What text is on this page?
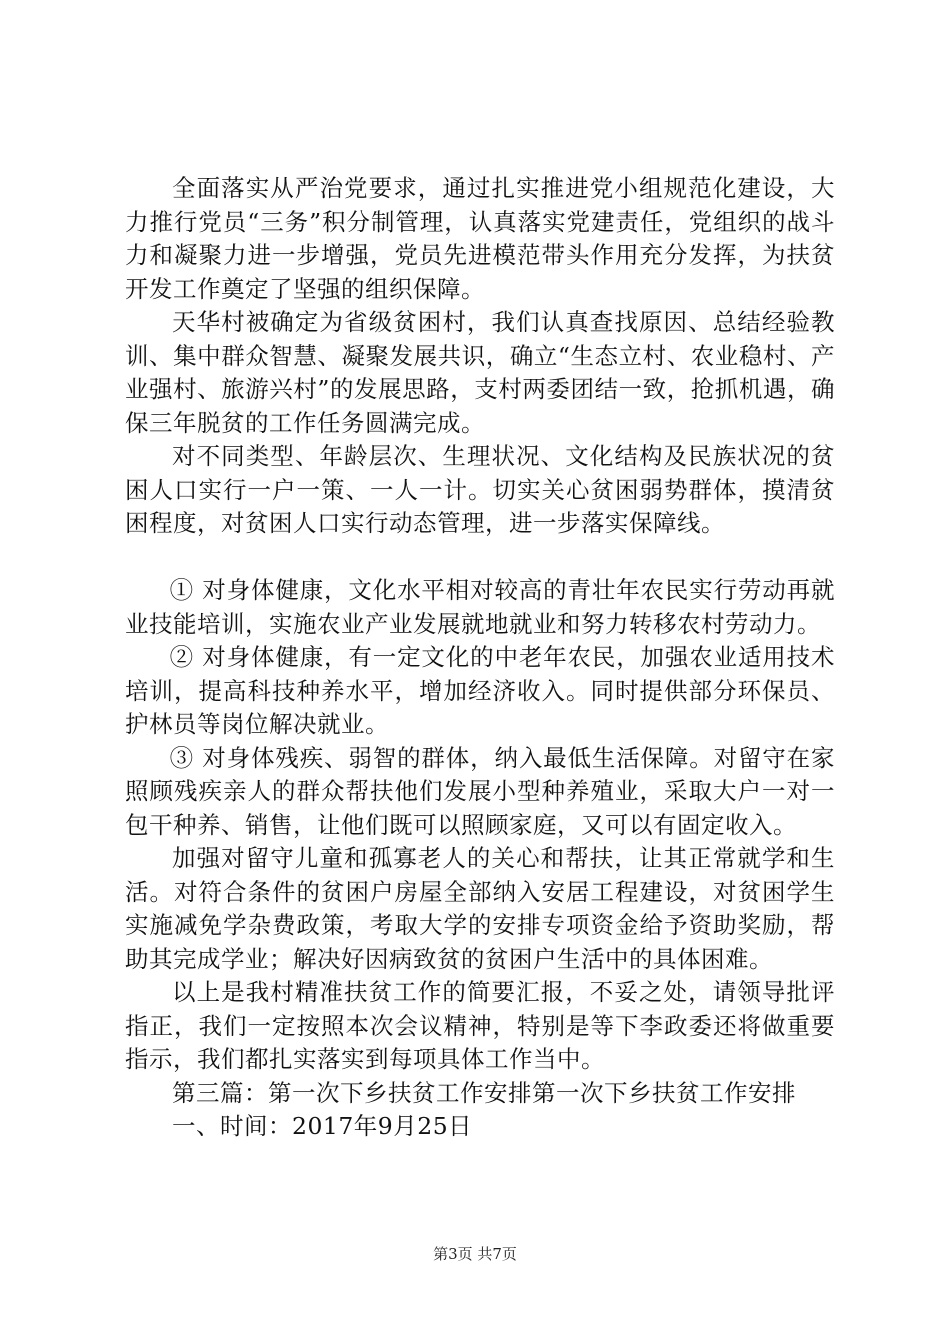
全面落实从严治党要求，通过扎实推进党小组规范化建设，大力推行党员“三务”积分制管理，认真落实党建责任，党组织的战斗力和凝聚力进一步增强，党员先进模范带头作用充分发挥，为扶贫开发工作奠定了坚强的组织保障。

天华村被确定为省级贫困村，我们认真查找原因、总结经验教训、集中群众智慧、凝聚发展共识，确立“生态立村、农业稳村、产业强村、旅游兴村”的发展思路，支村两委团结一致，抢抓机遇，确保三年脱贫的工作任务圆满完成。

对不同类型、年龄层次、生理状况、文化结构及民族状况的贫困人口实行一户一策、一人一计。切实关心贫困弱势群体，摸清贫困程度，对贫困人口实行动态管理，进一步落实保障线。

① 对身体健康，文化水平相对较高的青壮年农民实行劳动再就业技能培训，实施农业产业发展就地就业和努力转移农村劳动力。

② 对身体健康，有一定文化的中老年农民，加强农业适用技术培训，提高科技种养水平，增加经济收入。同时提供部分环保员、护林员等岗位解决就业。

③ 对身体残疾、弱智的群体，纳入最低生活保障。对留守在家照顾残疾亲人的群众帮扶他们发展小型种养殖业，采取大户一对一包干种养、销售，让他们既可以照顾家庭，又可以有固定收入。

加强对留守儿童和孤寡老人的关心和帮扶，让其正常就学和生活。对符合条件的贫困户房屋全部纳入安居工程建设，对贫困学生实施减免学杂费政策，考取大学的安排专项资金给予资助奖励，帮助其完成学业；解决好因病致贫的贫困户生活中的具体困难。

以上是我村精准扶贫工作的简要汇报，不妥之处，请领导批评指正，我们一定按照本次会议精神，特别是等下李政委还将做重要指示，我们都扎实落实到每项具体工作当中。

第三篇：第一次下乡扶贫工作安排第一次下乡扶贫工作安排

一、时间：2017年9月25日

第3页 共7页
